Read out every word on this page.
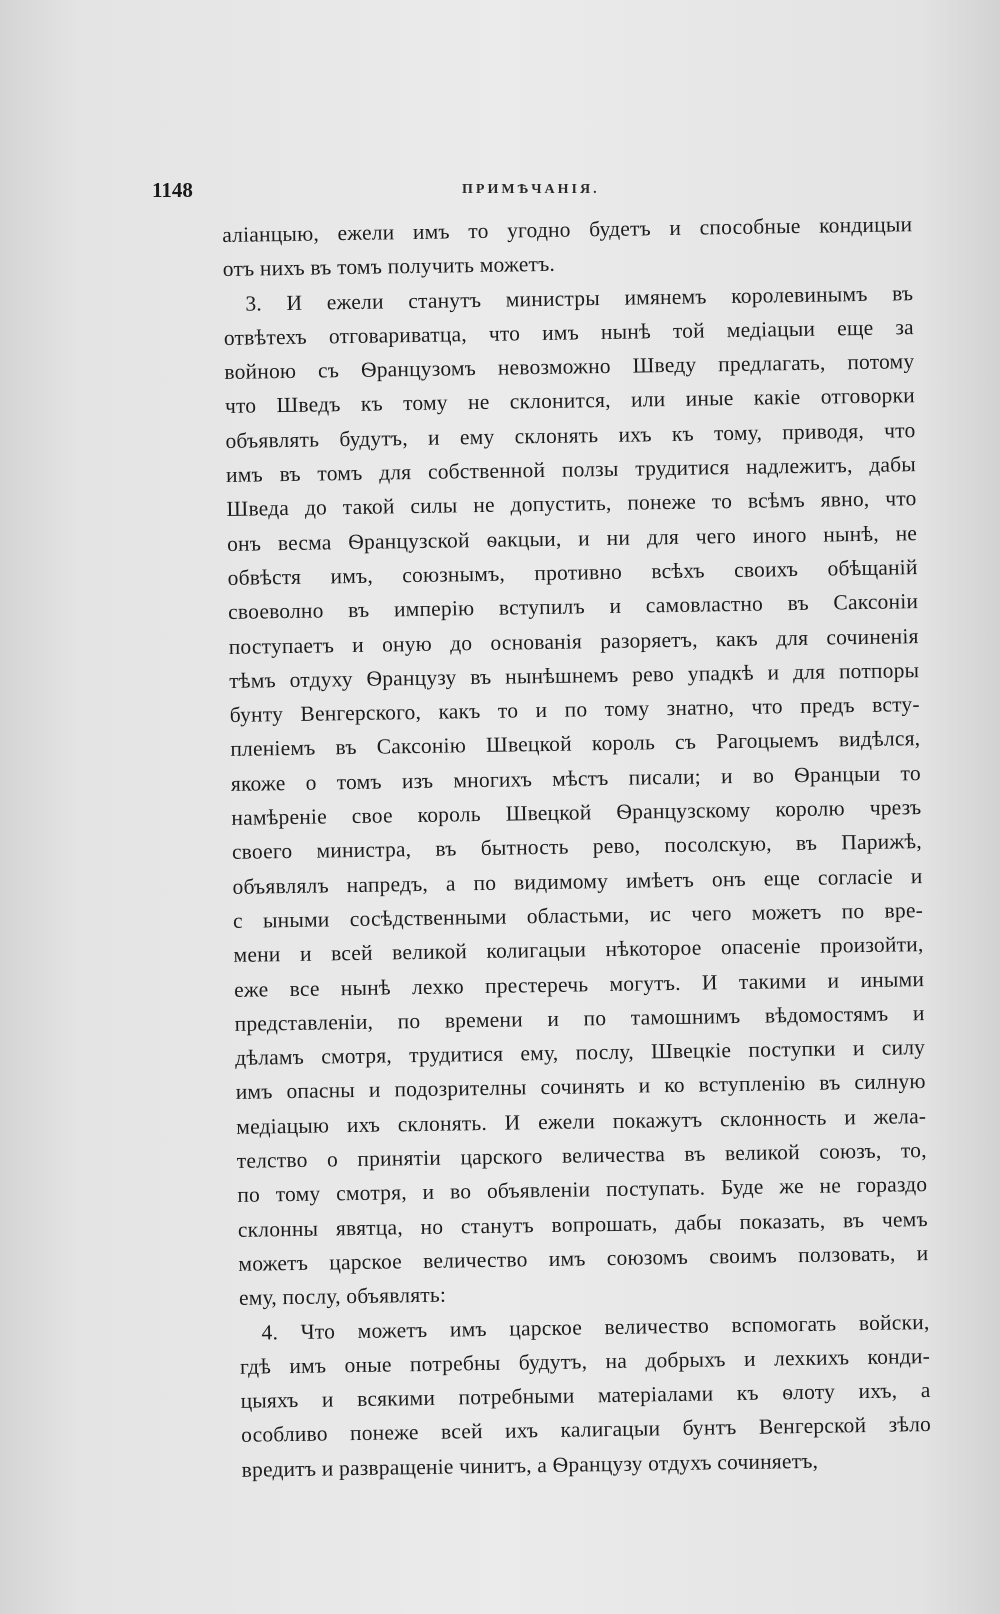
1148	ПРИМѢЧАНІЯ.
аліанцыю, ежели имъ то угодно будетъ и способные кондицыи
отъ нихъ въ томъ получить можетъ.
3. И ежели станутъ министры имянемъ королевинымъ въ
отвѣтехъ отговариватца, что имъ нынѣ той медіацыи еще за
войною съ Ѳранцузомъ невозможно Шведу предлагать, потому
что Шведъ къ тому не склонится, или иные какіе отговорки
объявлять будутъ, и ему склонять ихъ къ тому, приводя, что
имъ въ томъ для собственной ползы трудитися надлежитъ, дабы
Шведа до такой силы не допустить, понеже то всѣмъ явно, что
онъ весма Ѳранцузской ѳакцыи, и ни для чего иного нынѣ, не
обвѣстя имъ, союзнымъ, противно всѣхъ своихъ обѣщаній
своеволно въ имперію вступилъ и самовластно въ Саксоніи
поступаетъ и оную до основанія разоряетъ, какъ для сочиненія
тѣмъ отдуху Ѳранцузу въ нынѣшнемъ рево упадкѣ и для потпоры
бунту Венгерского, какъ то и по тому знатно, что предъ всту-
пленіемъ въ Саксонію Швецкой король съ Рагоцыемъ видѣлся,
якоже о томъ изъ многихъ мѣстъ писали; и во Ѳранцыи то
намѣреніе свое король Швецкой Ѳранцузскому королю чрезъ
своего министра, въ бытность рево, посолскую, въ Парижѣ,
объявлялъ напредъ, а по видимому имѣетъ онъ еще согласіе и
с ыными сосѣдственными областьми, ис чего можетъ по вре-
мени и всей великой колигацыи нѣкоторое опасеніе произойти,
еже все нынѣ лехко престеречь могутъ. И такими и иными
представленіи, по времени и по тамошнимъ вѣдомостямъ и
дѣламъ смотря, трудитися ему, послу, Швецкіе поступки и силу
имъ опасны и подозрителны сочинять и ко вступленію въ силную
медіацыю ихъ склонять. И ежели покажутъ склонность и жела-
телство о принятіи царского величества въ великой союзъ, то,
по тому смотря, и во объявленіи поступать. Буде же не гораздо
склонны явятца, но станутъ вопрошать, дабы показать, въ чемъ
можетъ царское величество имъ союзомъ своимъ ползовать, и
ему, послу, объявлять:
4. Что можетъ имъ царское величество вспомогать войски,
гдѣ имъ оные потребны будутъ, на добрыхъ и лехкихъ конди-
цыяхъ и всякими потребными матеріалами къ ѳлоту ихъ, а
особливо понеже всей ихъ калигацыи бунтъ Венгерской зѣло
вредитъ и развращеніе чинитъ, а Ѳранцузу отдухъ сочиняетъ,
